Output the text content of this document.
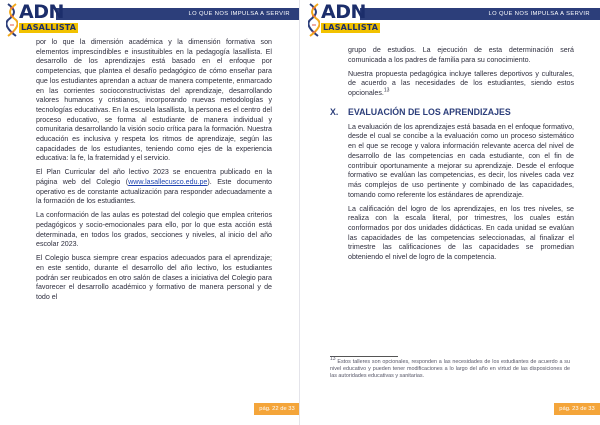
LO QUE NOS IMPULSA A SERVIR
ADN
LASALLISTA

por lo que la dimensión académica y la dimensión formativa son elementos imprescindibles e insustituibles en la pedagogía lasallista. El desarrollo de los aprendizajes está basado en el enfoque por competencias, que plantea el desafío pedagógico de cómo enseñar para que los estudiantes aprendan a actuar de manera competente, enmarcado en las corrientes socioconstructivistas del aprendizaje, desarrollando valores humanos y cristianos, incorporando nuevas metodologías y tecnologías educativas. En la escuela lasallista, la persona es el centro del proceso educativo, se forma al estudiante de manera individual y comunitaria desarrollando la visión socio crítica para la formación. Nuestra educación es inclusiva y respeta los ritmos de aprendizaje, según las capacidades de los estudiantes, teniendo como ejes de la experiencia educativa: la fe, la fraternidad y el servicio.

El Plan Curricular del año lectivo 2023 se encuentra publicado en la página web del Colegio (www.lasallecusco.edu.pe). Este documento operativo es de constante actualización para responder adecuadamente a la formación de los estudiantes.

La conformación de las aulas es potestad del colegio que emplea criterios pedagógicos y socio-emocionales para ello, por lo que esta acción está determinada, en todos los grados, secciones y niveles, al inicio del año escolar 2023.

El Colegio busca siempre crear espacios adecuados para el aprendizaje; en este sentido, durante el desarrollo del año lectivo, los estudiantes podrán ser reubicados en otro salón de clases a iniciativa del Colegio para favorecer el desarrollo académico y formativo de manera personal y de todo el

pág. 22 de 33
LO QUE NOS IMPULSA A SERVIR
ADN
LASALLISTA

grupo de estudios. La ejecución de esta determinación será comunicada a los padres de familia para su conocimiento.

Nuestra propuesta pedagógica incluye talleres deportivos y culturales, de acuerdo a las necesidades de los estudiantes, siendo estos opcionales.$^{13}$

X.	EVALUACIÓN DE LOS APRENDIZAJES

La evaluación de los aprendizajes está basada en el enfoque formativo, desde el cual se concibe a la evaluación como un proceso sistemático en el que se recoge y valora información relevante acerca del nivel de desarrollo de las competencias en cada estudiante, con el fin de contribuir oportunamente a mejorar su aprendizaje. Desde el enfoque formativo se evalúan las competencias, es decir, los niveles cada vez más complejos de uso pertinente y combinado de las capacidades, tomando como referente los estándares de aprendizaje.

La calificación del logro de los aprendizajes, en los tres niveles, se realiza con la escala literal, por trimestres, los cuales están conformados por dos unidades didácticas. En cada unidad se evalúan las capacidades de las competencias seleccionadas, al finalizar el trimestre las calificaciones de las capacidades se promedian obteniendo el nivel de logro de la competencia.

pág. 23 de 33
13 Estos talleres son opcionales, responden a las necesidades de los estudiantes de acuerdo a su nivel educativo y pueden tener modificaciones a lo largo del año en virtud de las disposiciones de las autoridades educativas y sanitarias.
